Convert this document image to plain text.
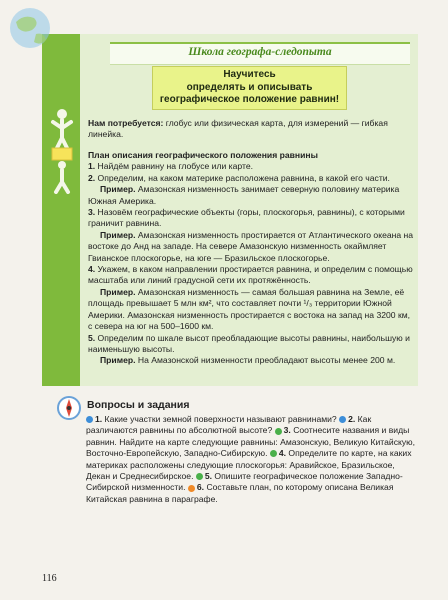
Школа географа-следопыта
Научитесь
определять и описывать
географическое положение равнин!
Нам потребуется: глобус или физическая карта, для измерений — гибкая линейка.
План описания географического положения равнины
1. Найдём равнину на глобусе или карте.
2. Определим, на каком материке расположена равнина, в какой его части.
Пример. Амазонская низменность занимает северную половину материка Южная Америка.
3. Назовём географические объекты (горы, плоскогорья, равнины), с которыми граничит равнина.
Пример. Амазонская низменность простирается от Атлантического океана на востоке до Анд на западе. На севере Амазонскую низменность окаймляет Гвианское плоскогорье, на юге — Бразильское плоскогорье.
4. Укажем, в каком направлении простирается равнина, и определим с помощью масштаба или линий градусной сети их протяжённость.
Пример. Амазонская низменность — самая большая равнина на Земле, её площадь превышает 5 млн км², что составляет почти ¹/₃ территории Южной Америки. Амазонская низменность простирается с востока на запад на 3200 км, с севера на юг на 500–1600 км.
5. Определим по шкале высот преобладающие высоты равнины, наибольшую и наименьшую высоты.
Пример. На Амазонской низменности преобладают высоты менее 200 м.
Вопросы и задания
1. Какие участки земной поверхности называют равнинами? 2. Как различаются равнины по абсолютной высоте? 3. Соотнесите названия и виды равнин. Найдите на карте следующие равнины: Амазонскую, Великую Китайскую, Восточно-Европейскую, Западно-Сибирскую. 4. Определите по карте, на каких материках расположены следующие плоскогорья: Аравийское, Бразильское, Декан и Среднесибирское. 5. Опишите географическое положение Западно-Сибирской низменности. 6. Составьте план, по которому описана Великая Китайская равнина в параграфе.
116
